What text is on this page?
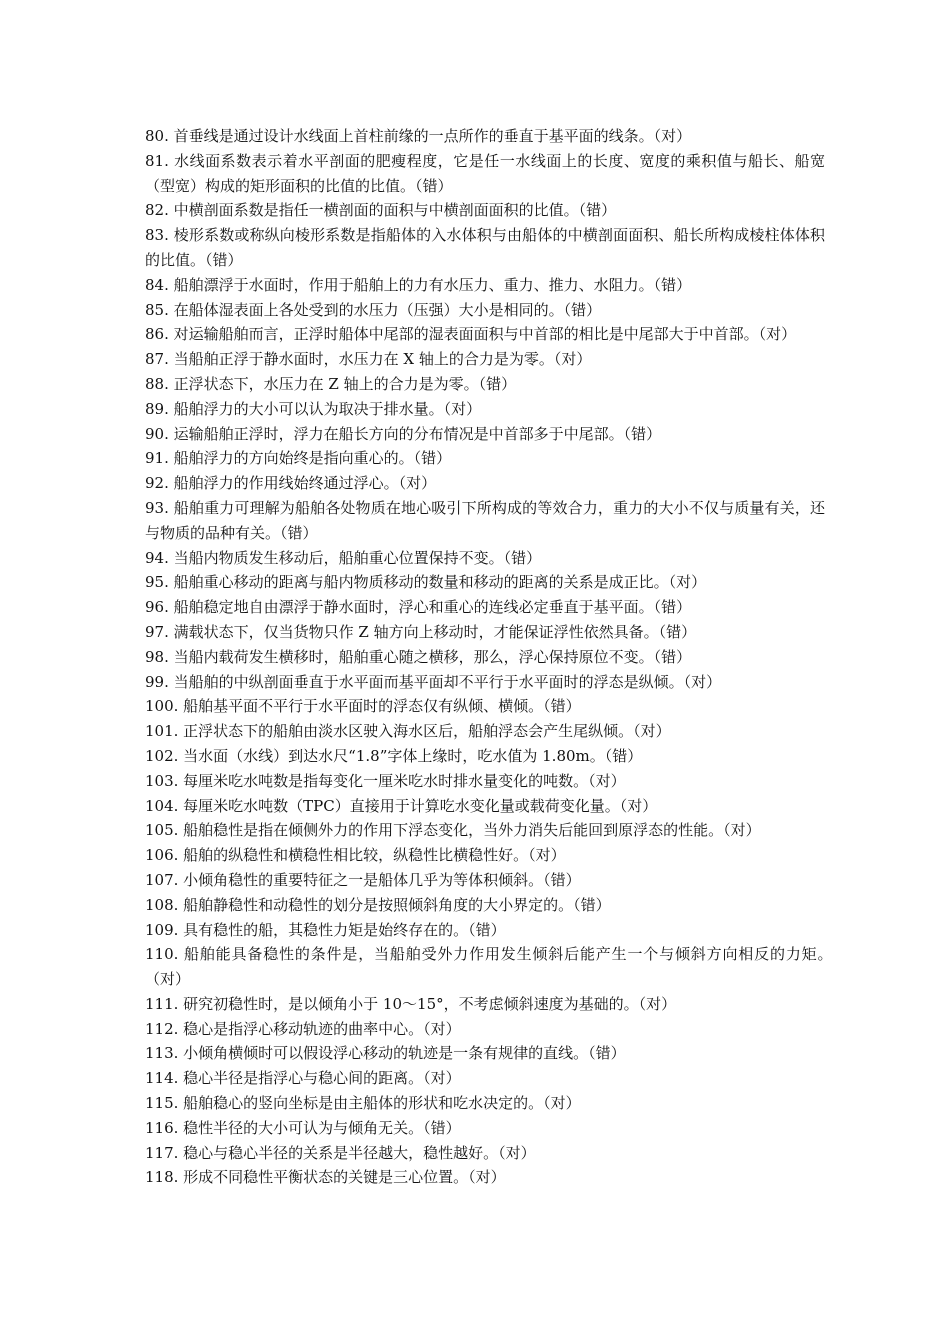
80. 首垂线是通过设计水线面上首柱前缘的一点所作的垂直于基平面的线条。（对）

81. 水线面系数表示着水平剖面的肥瘦程度，它是任一水线面上的长度、宽度的乘积值与船长、船宽（型宽）构成的矩形面积的比值的比值。（错）

82. 中横剖面系数是指任一横剖面的面积与中横剖面面积的比值。（错）

83. 棱形系数或称纵向棱形系数是指船体的入水体积与由船体的中横剖面面积、船长所构成棱柱体体积的比值。（错）

84. 船舶漂浮于水面时，作用于船舶上的力有水压力、重力、推力、水阻力。（错）

85. 在船体湿表面上各处受到的水压力（压强）大小是相同的。（错）

86. 对运输船舶而言，正浮时船体中尾部的湿表面面积与中首部的相比是中尾部大于中首部。（对）

87. 当船舶正浮于静水面时，水压力在 X 轴上的合力是为零。（对）

88. 正浮状态下，水压力在 Z 轴上的合力是为零。（错）

89. 船舶浮力的大小可以认为取决于排水量。（对）

90. 运输船舶正浮时，浮力在船长方向的分布情况是中首部多于中尾部。（错）

91. 船舶浮力的方向始终是指向重心的。（错）

92. 船舶浮力的作用线始终通过浮心。（对）

93. 船舶重力可理解为船舶各处物质在地心吸引下所构成的等效合力，重力的大小不仅与质量有关，还与物质的品种有关。（错）

94. 当船内物质发生移动后，船舶重心位置保持不变。（错）

95. 船舶重心移动的距离与船内物质移动的数量和移动的距离的关系是成正比。（对）

96. 船舶稳定地自由漂浮于静水面时，浮心和重心的连线必定垂直于基平面。（错）

97. 满载状态下，仅当货物只作 Z 轴方向上移动时，才能保证浮性依然具备。（错）

98. 当船内载荷发生横移时，船舶重心随之横移，那么，浮心保持原位不变。（错）

99. 当船舶的中纵剖面垂直于水平面而基平面却不平行于水平面时的浮态是纵倾。（对）

100. 船舶基平面不平行于水平面时的浮态仅有纵倾、横倾。（错）

101. 正浮状态下的船舶由淡水区驶入海水区后，船舶浮态会产生尾纵倾。（对）

102. 当水面（水线）到达水尺“1.8”字体上缘时，吃水值为 1.80m。（错）

103. 每厘米吃水吨数是指每变化一厘米吃水时排水量变化的吨数。（对）

104. 每厘米吃水吨数（TPC）直接用于计算吃水变化量或载荷变化量。（对）

105. 船舶稳性是指在倾侧外力的作用下浮态变化，当外力消失后能回到原浮态的性能。（对）

106. 船舶的纵稳性和横稳性相比较，纵稳性比横稳性好。（对）

107. 小倾角稳性的重要特征之一是船体几乎为等体积倾斜。（错）

108. 船舶静稳性和动稳性的划分是按照倾斜角度的大小界定的。（错）

109. 具有稳性的船，其稳性力矩是始终存在的。（错）

110. 船舶能具备稳性的条件是，当船舶受外力作用发生倾斜后能产生一个与倾斜方向相反的力矩。　　　　（对）

111. 研究初稳性时，是以倾角小于 10～15°，不考虑倾斜速度为基础的。（对）

112. 稳心是指浮心移动轨迹的曲率中心。（对）

113. 小倾角横倾时可以假设浮心移动的轨迹是一条有规律的直线。（错）

114. 稳心半径是指浮心与稳心间的距离。（对）

115. 船舶稳心的竖向坐标是由主船体的形状和吃水决定的。（对）

116. 稳性半径的大小可认为与倾角无关。（错）

117. 稳心与稳心半径的关系是半径越大，稳性越好。（对）

118. 形成不同稳性平衡状态的关键是三心位置。（对）
